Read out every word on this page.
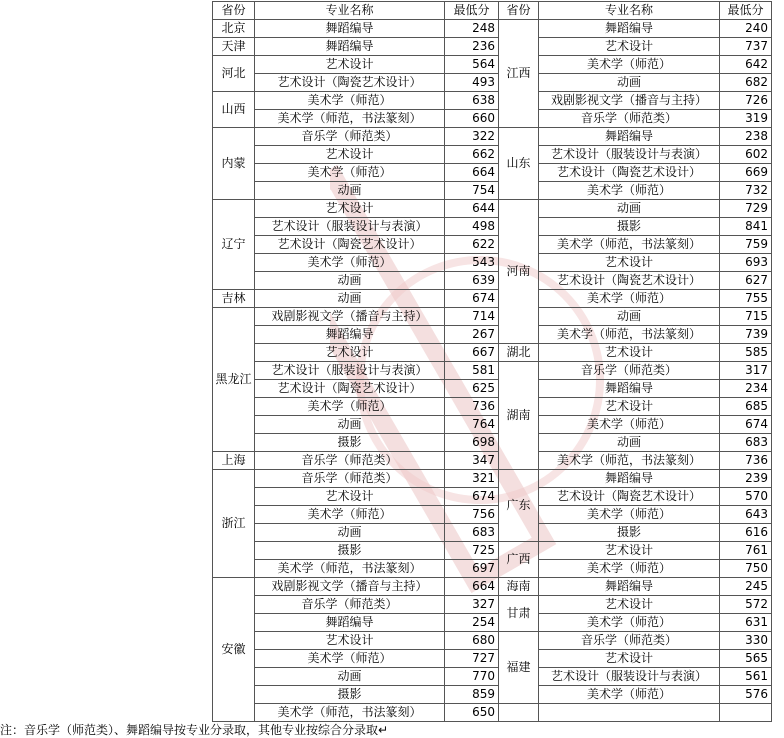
省份	专业名称	最低分	省份	专业名称	最低分
北京	舞蹈编导	248	江西	舞蹈编导	240
天津	舞蹈编导	236		艺术设计	737
河北	艺术设计	564		美术学（师范）	642
	艺术设计（陶瓷艺术设计）	493		动画	682
山西	美术学（师范）	638		戏剧影视文学（播音与主持）	726
	美术学（师范，书法篆刻）	660		音乐学（师范类）	319
内蒙	音乐学（师范类）	322	山东	舞蹈编导	238
	艺术设计	662		艺术设计（服装设计与表演）	602
	美术学（师范）	664		艺术设计（陶瓷艺术设计）	669
	动画	754		美术学（师范）	732
辽宁	艺术设计	644	河南	动画	729
	艺术设计（服装设计与表演）	498		摄影	841
	艺术设计（陶瓷艺术设计）	622		美术学（师范，书法篆刻）	759
	美术学（师范）	543		艺术设计	693
	动画	639		艺术设计（陶瓷艺术设计）	627
吉林	动画	674		美术学（师范）	755
黑龙江	戏剧影视文学（播音与主持）	714		动画	715
	舞蹈编导	267		美术学（师范，书法篆刻）	739
	艺术设计	667	湖北	艺术设计	585
	艺术设计（服装设计与表演）	581	湖南	音乐学（师范类）	317
	艺术设计（陶瓷艺术设计）	625		舞蹈编导	234
	美术学（师范）	736		艺术设计	685
	动画	764		美术学（师范）	674
	摄影	698		动画	683
上海	音乐学（师范类）	347		美术学（师范，书法篆刻）	736
浙江	音乐学（师范类）	321	广东	舞蹈编导	239
	艺术设计	674		艺术设计（陶瓷艺术设计）	570
	美术学（师范）	756		美术学（师范）	643
	动画	683		摄影	616
	摄影	725	广西	艺术设计	761
	美术学（师范，书法篆刻）	697		美术学（师范）	750
安徽	戏剧影视文学（播音与主持）	664	海南	舞蹈编导	245
	音乐学（师范类）	327	甘肃	艺术设计	572
	舞蹈编导	254		美术学（师范）	631
	艺术设计	680	福建	音乐学（师范类）	330
	美术学（师范）	727		艺术设计	565
	动画	770		艺术设计（服装设计与表演）	561
	摄影	859		美术学（师范）	576
	美术学（师范，书法篆刻）	650			
注：音乐学（师范类）、舞蹈编导按专业分录取，其他专业按综合分录取↵
